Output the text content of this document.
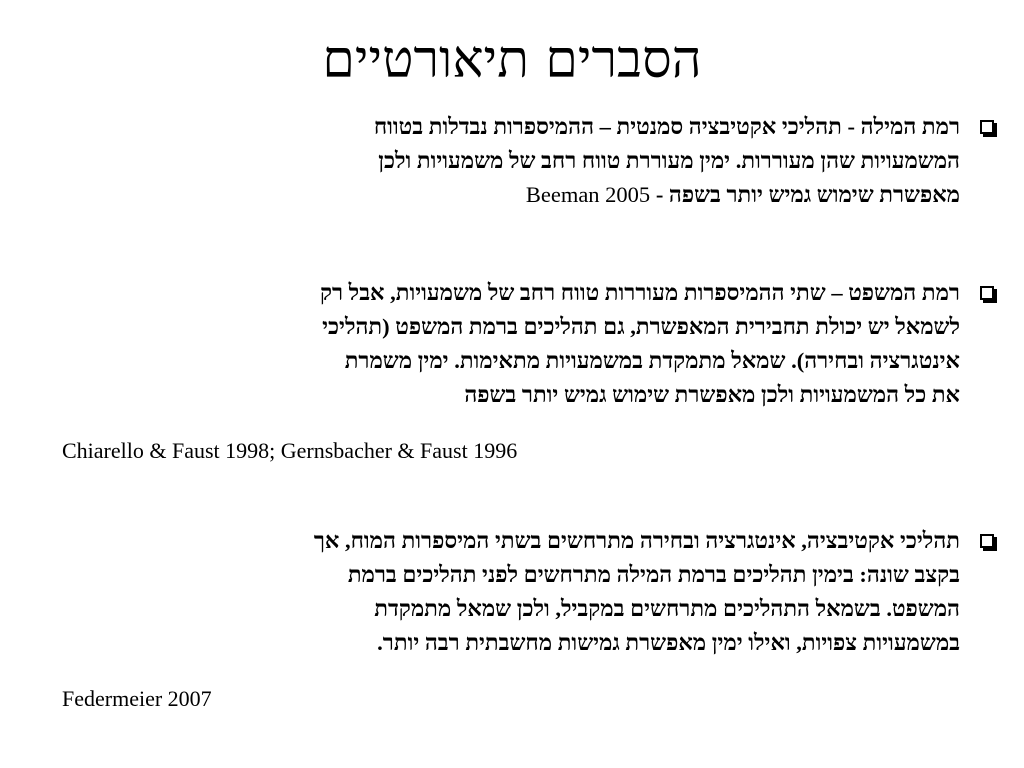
הסברים תיאורטיים
רמת המילה - תהליכי אקטיבציה סמנטית – ההמיספרות נבדלות בטווח
המשמעויות שהן מעוררות. ימין מעוררת טווח רחב של משמעויות ולכן
מאפשרת שימוש גמיש יותר בשפה - Beeman 2005
רמת המשפט – שתי ההמיספרות מעוררות טווח רחב של משמעויות, אבל רק
לשמאל יש יכולת תחבירית המאפשרת, גם תהליכים ברמת המשפט (תהליכי
אינטגרציה ובחירה). שמאל מתמקדת במשמעויות מתאימות. ימין משמרת
את כל המשמעויות ולכן מאפשרת שימוש גמיש יותר בשפה
Chiarello & Faust 1998; Gernsbacher & Faust 1996
תהליכי אקטיבציה, אינטגרציה ובחירה מתרחשים בשתי המיספרות המוח, אך
בקצב שונה: בימין תהליכים ברמת המילה מתרחשים לפני תהליכים ברמת
המשפט. בשמאל התהליכים מתרחשים במקביל, ולכן שמאל מתמקדת
במשמעויות צפויות, ואילו ימין מאפשרת גמישות מחשבתית רבה יותר.
Federmeier 2007
